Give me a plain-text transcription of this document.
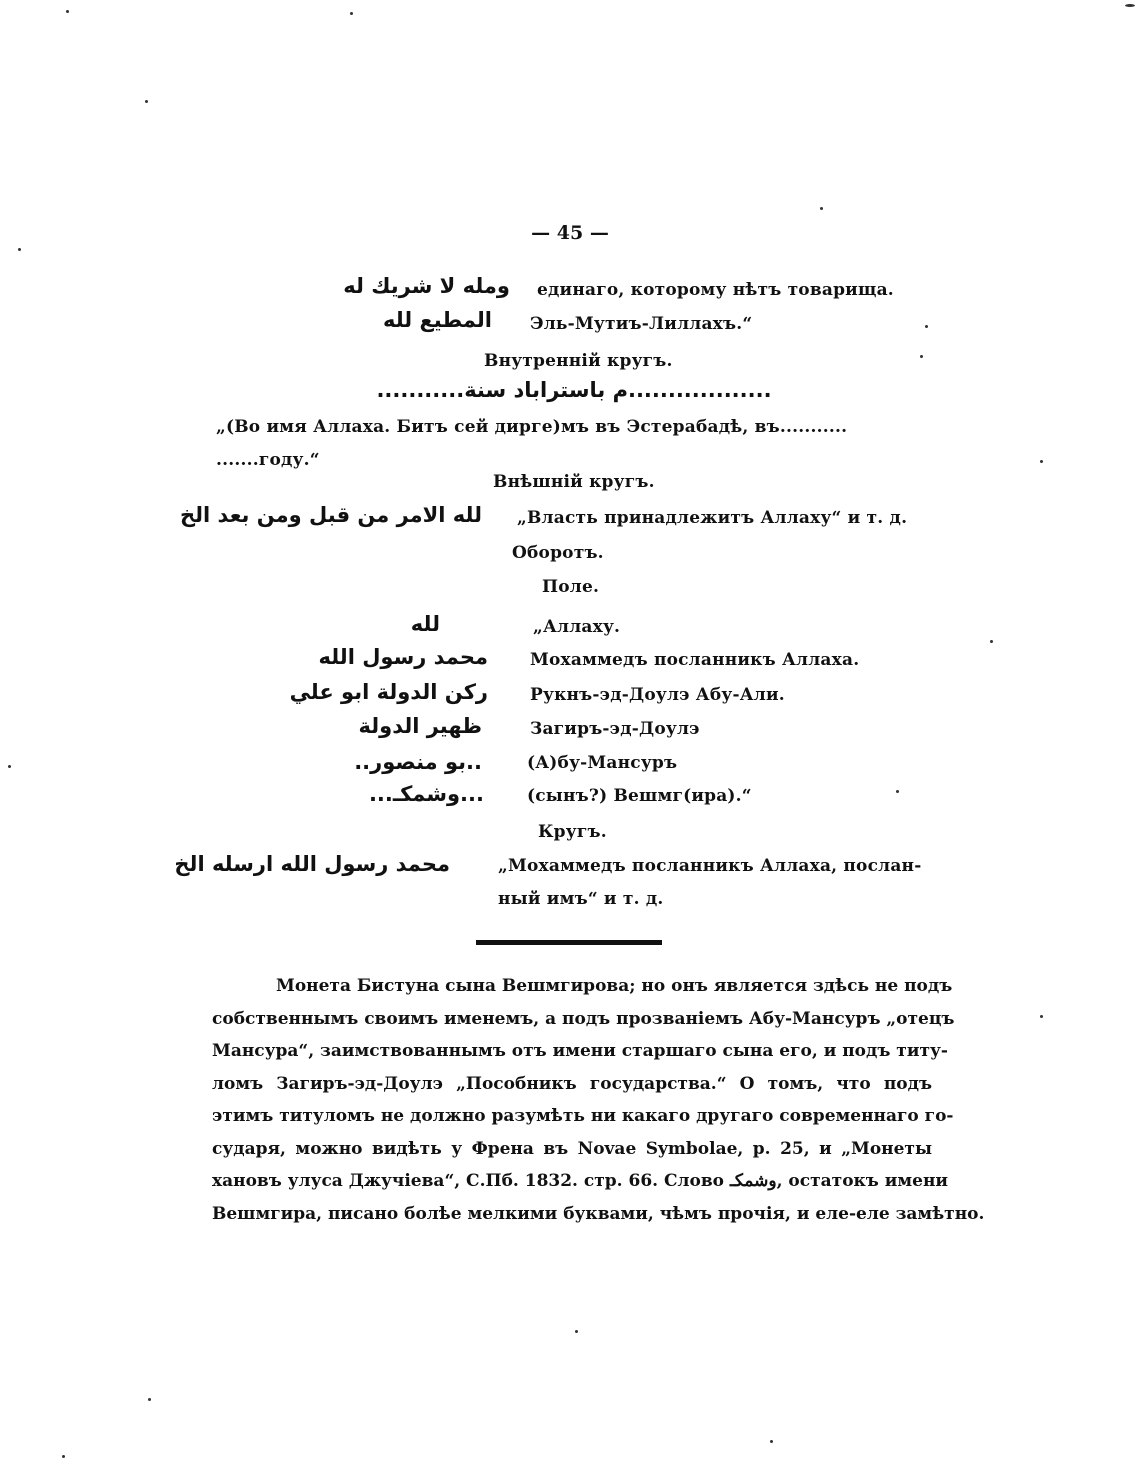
— 45 —
ومله لا شريك له единаго, которому нѣтъ товарища.
المطيع لله Эль-Мутиъ-Лиллахъ.“
Внутренній кругъ.
..................م باستراباد سنة...........
„(Во имя Аллаха. Битъ сей дирге)мъ въ Эстерабадѣ, въ...........
.......году.“
Внѣшній кругъ.
لله الامر من قبل ومن بعد الخ „Власть принадлежитъ Аллаху“ и т. д.
Оборотъ.
Поле.
لله	„Аллаху.
محمد رسول الله Мохаммедъ посланникъ Аллаха.
ركن الدولة ابو علي Рукнъ-эд-Доулэ Абу-Али.
ظهير الدولة	Загиръ-эд-Доулэ
..بو منصور..	(А)бу-Мансуръ
...وشمكـ...	(сынъ?) Вешмг(ира).“
Кругъ.
محمد رسول الله ارسله الخ	„Мохаммедъ посланникъ Аллаха, послан-
ный имъ“ и т. д.
Монета Бистуна сына Вешмгирова; но онъ является здѣсь не подъ
собственнымъ своимъ именемъ, а подъ прозваніемъ Абу-Мансуръ „отецъ
Мансура“, заимствованнымъ отъ имени старшаго сына его, и подъ титу-
ломъ Загиръ-эд-Доулэ „Пособникъ государства.“ О томъ, что подъ
этимъ титуломъ не должно разумѣть ни какаго другаго современнаго го-
сударя, можно видѣть у Френа въ Novae Symbolae, p. 25, и „Монеты
хановъ улуса Джучіева“, С.Пб. 1832. стр. 66. Слово وشمكـ, остатокъ имени
Вешмгира, писано болѣе мелкими буквами, чѣмъ прочія, и еле-еле замѣтно.
